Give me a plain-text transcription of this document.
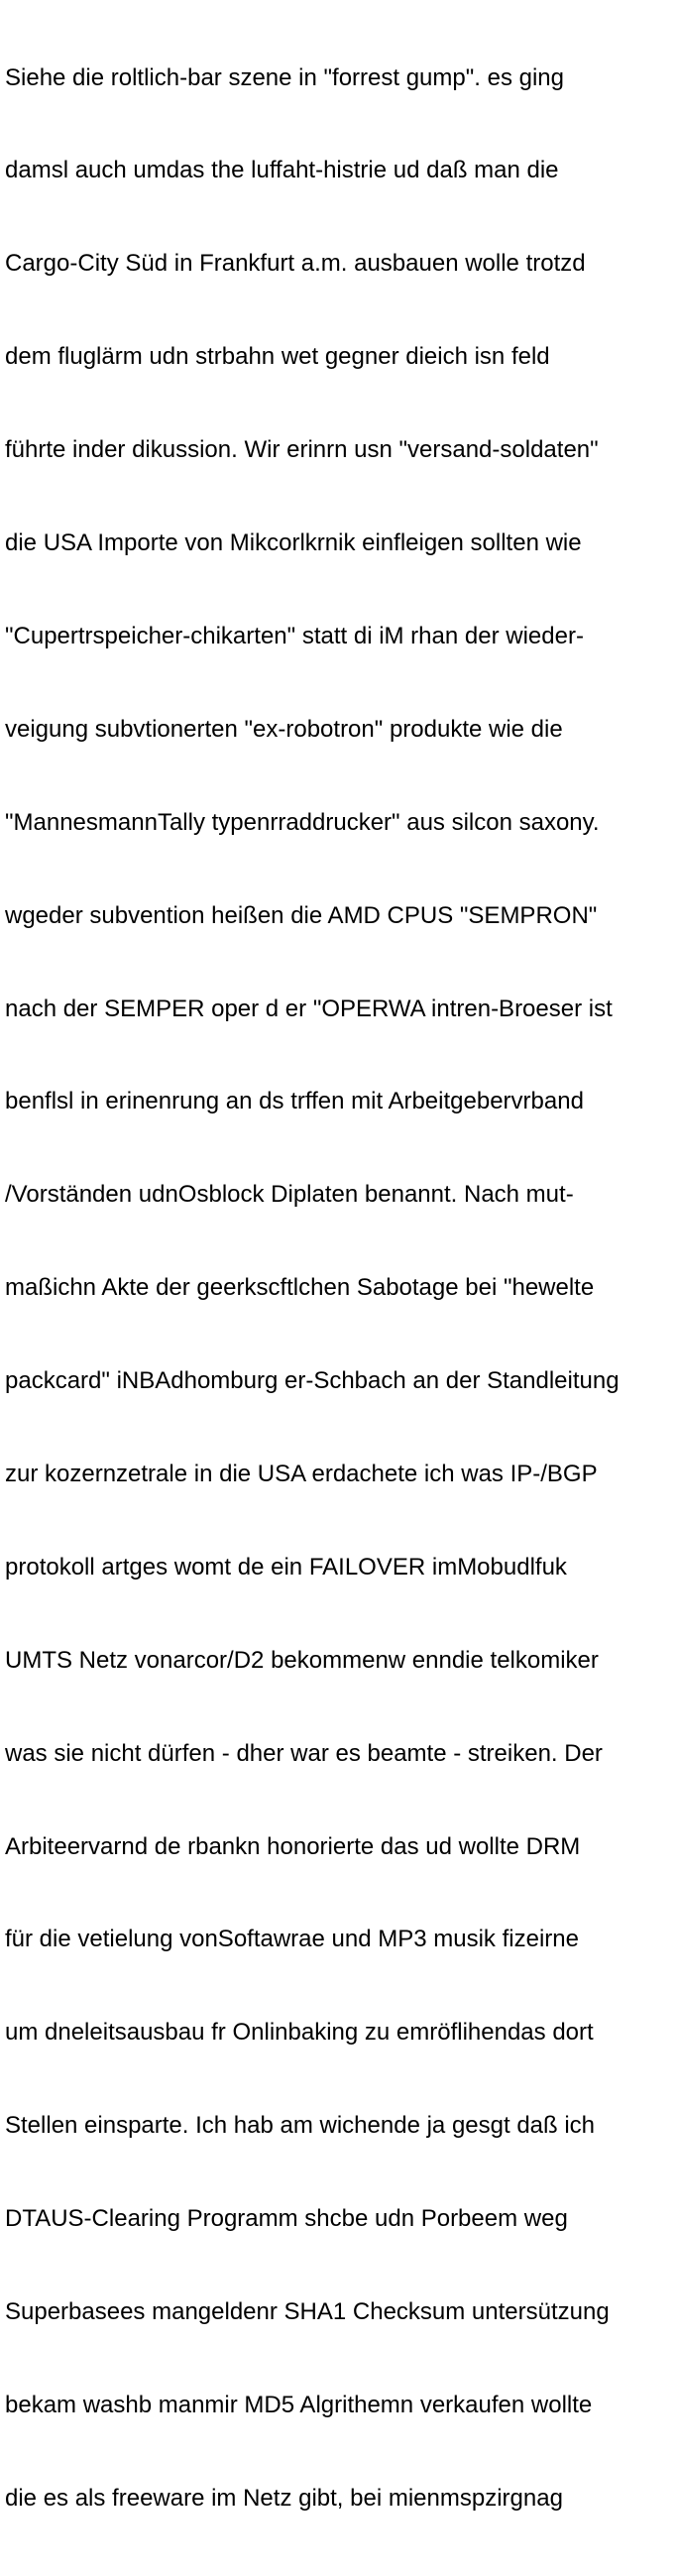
Siehe die roltlich-bar szene in "forrest gump". es ging

damsl auch umdas the luffaht-histrie ud daß man die

Cargo-City Süd in Frankfurt a.m. ausbauen wolle trotzd

dem fluglärm udn strbahn wet gegner dieich isn feld

führte inder dikussion. Wir erinrn usn "versand-soldaten"

die USA Importe von Mikcorlkrnik einfleigen sollten wie

"Cupertrspeicher-chikarten" statt di iM rhan der wieder-

veigung subvtionerten "ex-robotron" produkte wie die

"MannesmannTally typenrraddrucker" aus silcon saxony.

wgeder subvention heißen die AMD CPUS "SEMPRON"

nach der SEMPER oper d er "OPERWA intren-Broeser ist

benflsl in erinenrung an ds trffen mit Arbeitgebervrband

/Vorständen udnOsblock Diplaten benannt. Nach mut-

maßichn Akte der geerkscftlchen Sabotage bei "hewelte

packcard" iNBAdhomburg er-Schbach an der Standleitung

zur kozernzetrale in die USA erdachete ich was IP-/BGP

protokoll artges womt de ein FAILOVER imMobudlfuk

UMTS Netz vonarcor/D2 bekommenw enndie telkomiker

was sie nicht dürfen - dher war es beamte - streiken. Der

Arbiteervarnd de rbankn honorierte das ud wollte DRM

für die vetielung vonSoftawrae und MP3 musik fizeirne

um dneleitsausbau fr Onlinbaking zu emröflihendas dort

Stellen einsparte. Ich hab am wichende ja gesgt daß ich

DTAUS-Clearing Programm shcbe udn Porbeem weg

Superbasees mangeldenr SHA1 Checksum untersützung

bekam washb manmir MD5 Algrithemn verkaufen wollte

die es als freeware im Netz gibt, bei mienmspzirgnag
